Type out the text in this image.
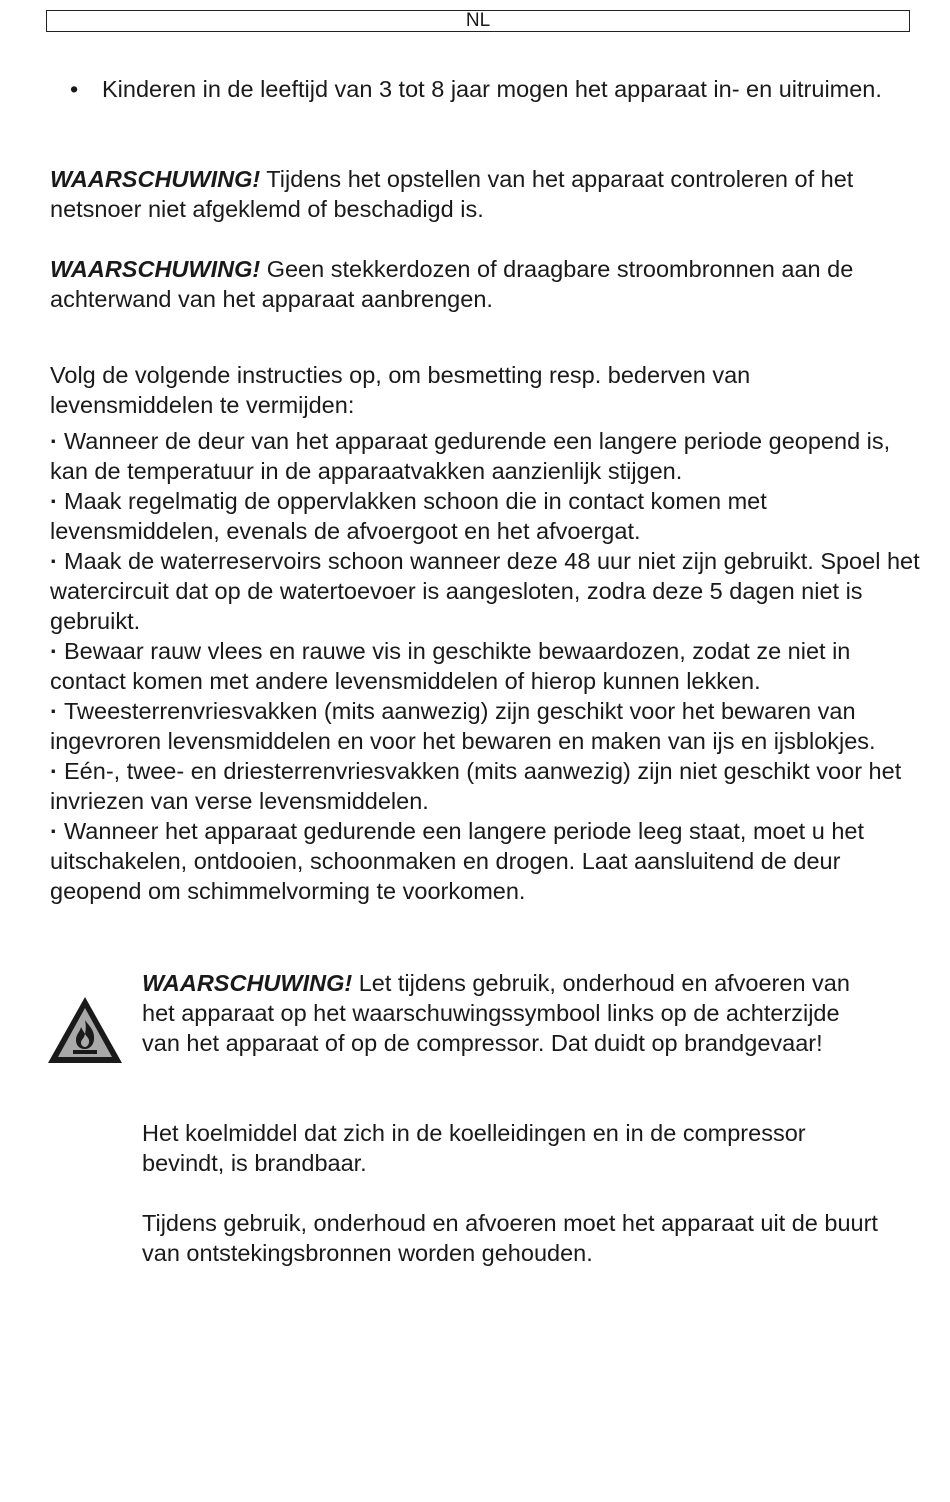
NL

• Kinderen in de leeftijd van 3 tot 8 jaar mogen het apparaat in- en uitruimen.

WAARSCHUWING! Tijdens het opstellen van het apparaat controleren of het netsnoer niet afgeklemd of beschadigd is.

WAARSCHUWING! Geen stekkerdozen of draagbare stroombronnen aan de achterwand van het apparaat aanbrengen.

Volg de volgende instructies op, om besmetting resp. bederven van levensmiddelen te vermijden:

· Wanneer de deur van het apparaat gedurende een langere periode geopend is, kan de temperatuur in de apparaatvakken aanzienlijk stijgen.
· Maak regelmatig de oppervlakken schoon die in contact komen met levensmiddelen, evenals de afvoergoot en het afvoergat.
· Maak de waterreservoirs schoon wanneer deze 48 uur niet zijn gebruikt. Spoel het watercircuit dat op de watertoevoer is aangesloten, zodra deze 5 dagen niet is gebruikt.
· Bewaar rauw vlees en rauwe vis in geschikte bewaardozen, zodat ze niet in contact komen met andere levensmiddelen of hierop kunnen lekken.
· Tweesterrenvriesvakken (mits aanwezig) zijn geschikt voor het bewaren van ingevroren levensmiddelen en voor het bewaren en maken van ijs en ijsblokjes.
· Eén-, twee- en driesterrenvriesvakken (mits aanwezig) zijn niet geschikt voor het invriezen van verse levensmiddelen.
· Wanneer het apparaat gedurende een langere periode leeg staat, moet u het uitschakelen, ontdooien, schoonmaken en drogen. Laat aansluitend de deur geopend om schimmelvorming te voorkomen.

WAARSCHUWING! Let tijdens gebruik, onderhoud en afvoeren van het apparaat op het waarschuwingssymbool links op de achterzijde van het apparaat of op de compressor. Dat duidt op brandgevaar!

Het koelmiddel dat zich in de koelleidingen en in de compressor bevindt, is brandbaar.

Tijdens gebruik, onderhoud en afvoeren moet het apparaat uit de buurt van ontstekingsbronnen worden gehouden.
